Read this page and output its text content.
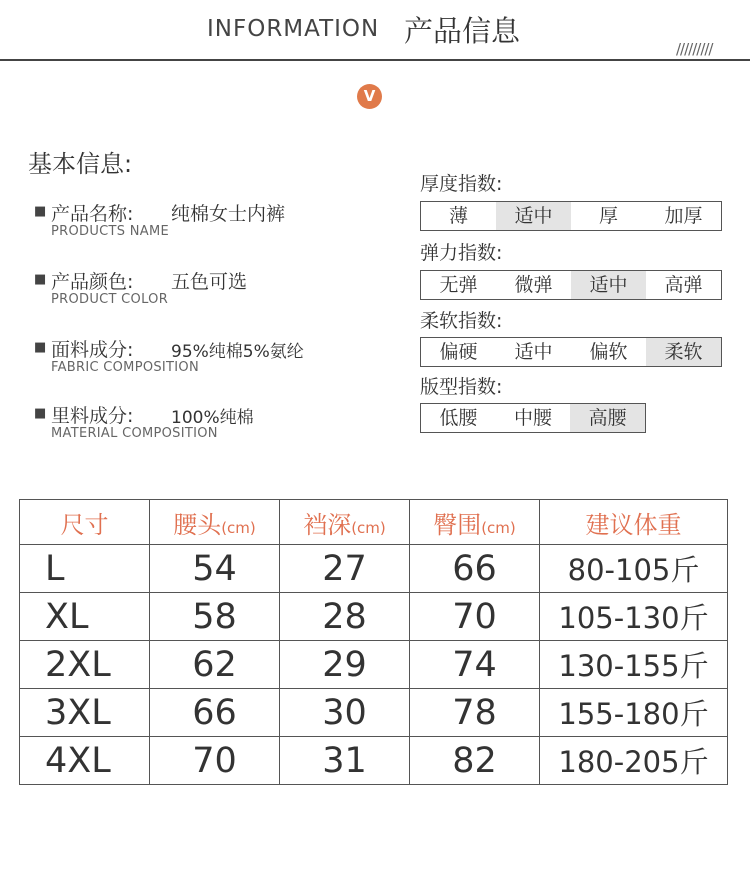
INFORMATION 产品信息
/////////
V
基本信息:
■ 产品名称: 纯棉女士内裤
PRODUCTS NAME
■ 产品颜色: 五色可选
PRODUCT COLOR
■ 面料成分: 95%纯棉5%氨纶
FABRIC COMPOSITION
■ 里料成分: 100%纯棉
MATERIAL COMPOSITION
厚度指数:
薄	适中	厚	加厚
弹力指数:
无弹	微弹	适中	高弹
柔软指数:
偏硬	适中	偏软	柔软
版型指数:
低腰	中腰	高腰
尺寸	腰头(cm)	裆深(cm)	臀围(cm)	建议体重
L	54	27	66	80-105斤
XL	58	28	70	105-130斤
2XL	62	29	74	130-155斤
3XL	66	30	78	155-180斤
4XL	70	31	82	180-205斤
